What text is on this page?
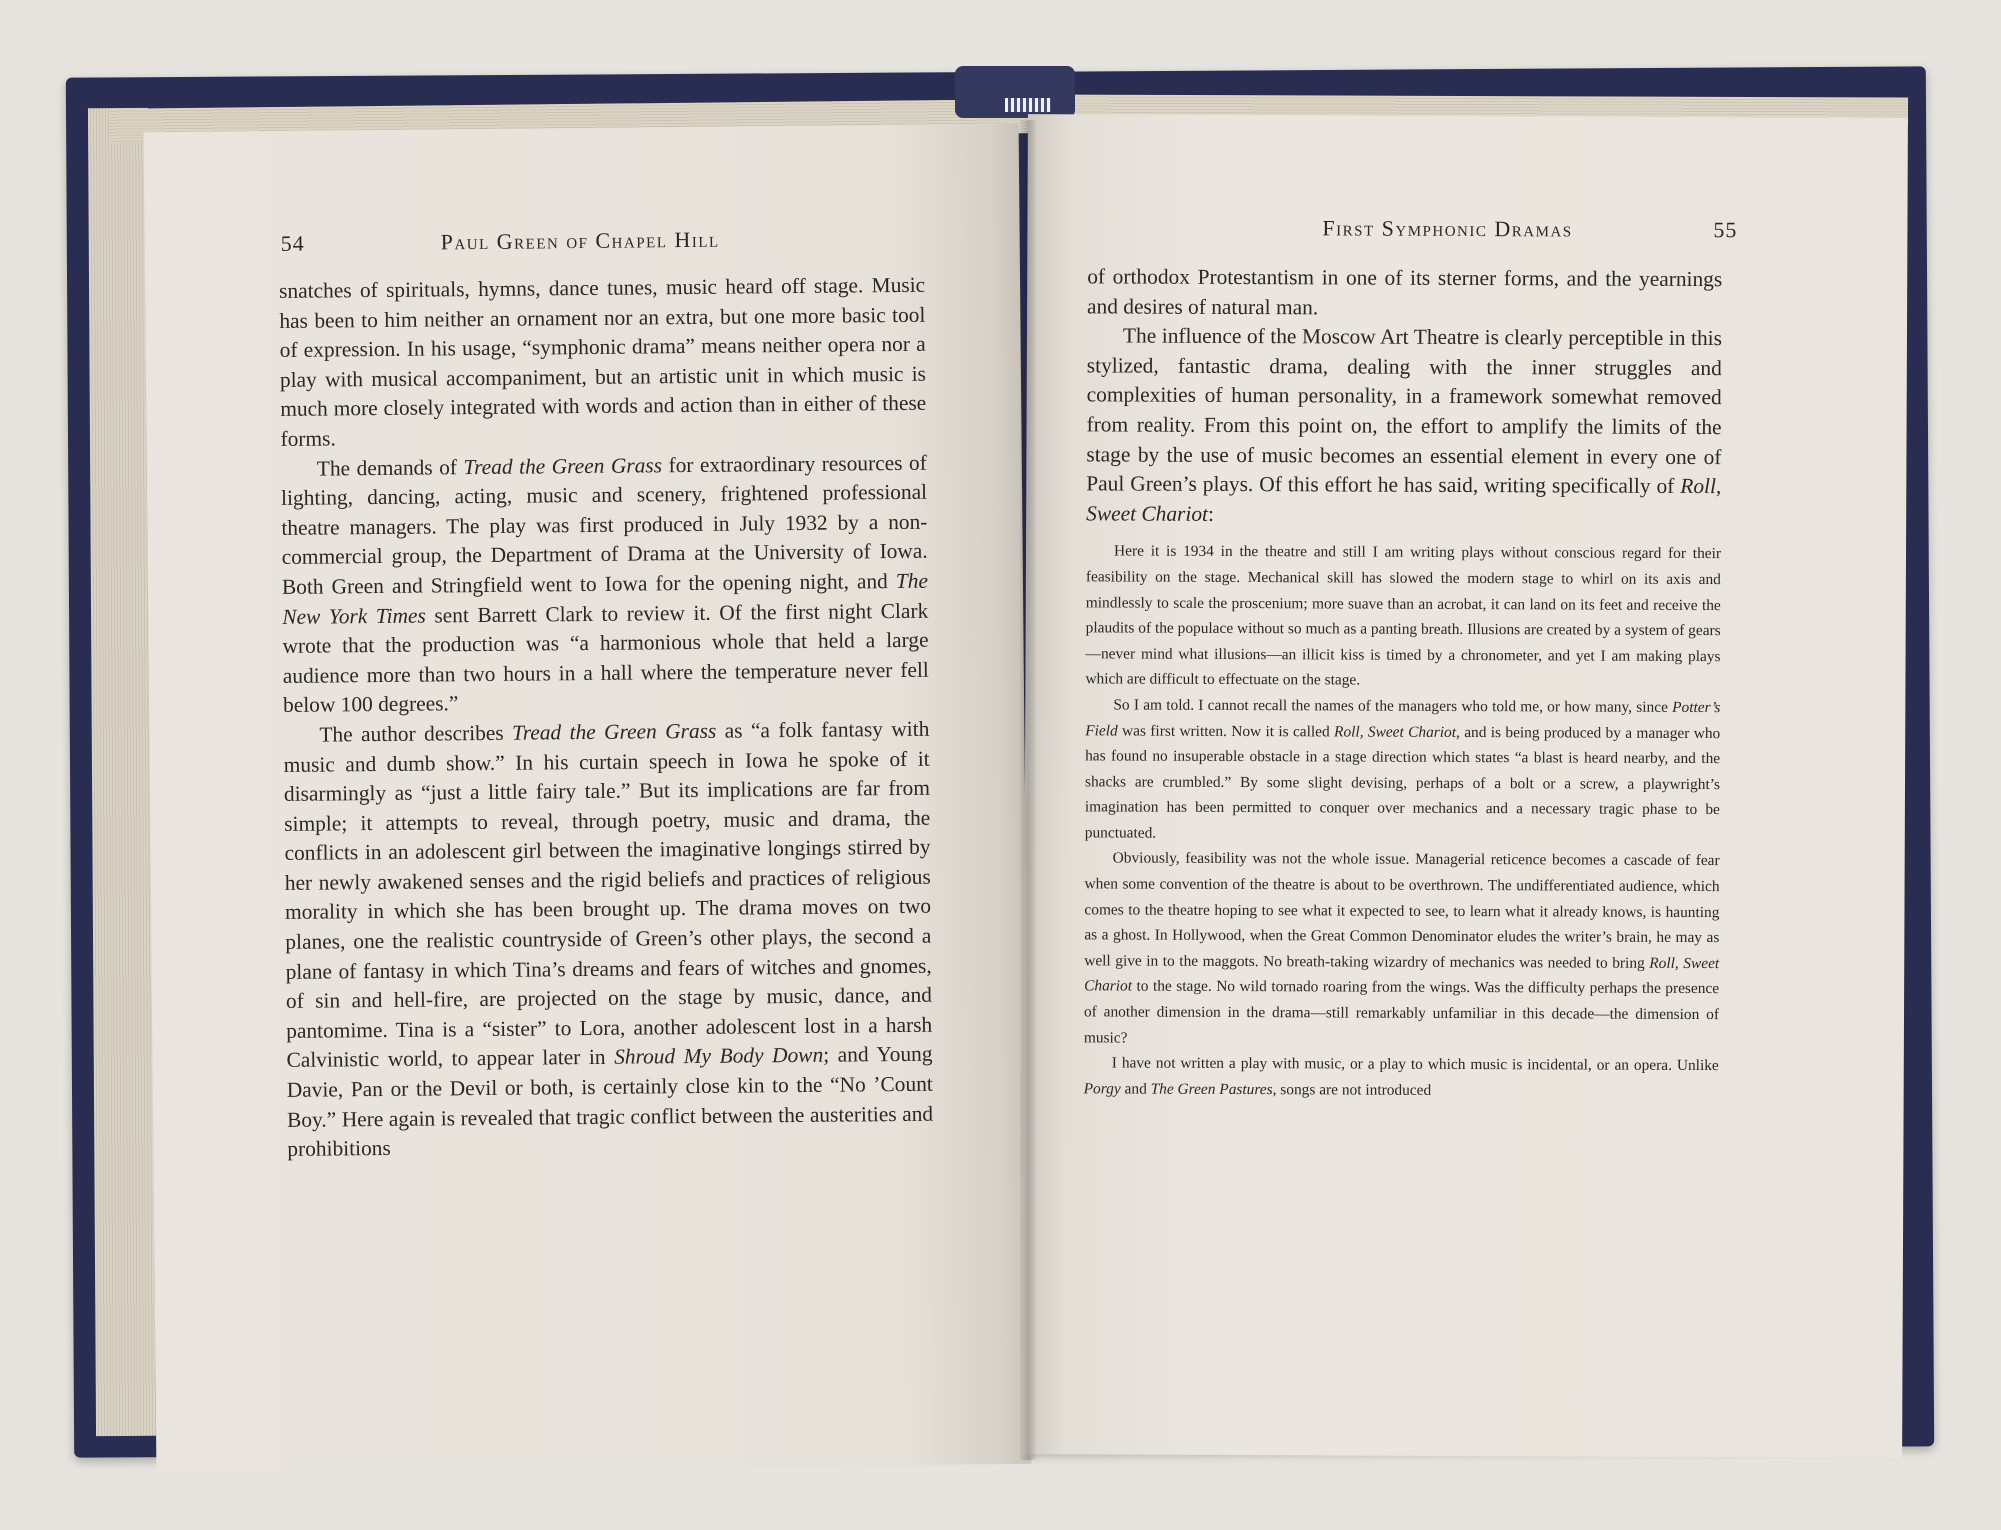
54	Paul Green of Chapel Hill

snatches of spirituals, hymns, dance tunes, music heard off stage. Music has been to him neither an ornament nor an extra, but one more basic tool of expression. In his usage, “symphonic drama” means neither opera nor a play with musical accompaniment, but an artistic unit in which music is much more closely integrated with words and action than in either of these forms.

The demands of Tread the Green Grass for extraordinary resources of lighting, dancing, acting, music and scenery, frightened professional theatre managers. The play was first produced in July 1932 by a non-commercial group, the Department of Drama at the University of Iowa. Both Green and Stringfield went to Iowa for the opening night, and The New York Times sent Barrett Clark to review it. Of the first night Clark wrote that the production was “a harmonious whole that held a large audience more than two hours in a hall where the temperature never fell below 100 degrees.”

The author describes Tread the Green Grass as “a folk fantasy with music and dumb show.” In his curtain speech in Iowa he spoke of it disarmingly as “just a little fairy tale.” But its implications are far from simple; it attempts to reveal, through poetry, music and drama, the conflicts in an adolescent girl between the imaginative longings stirred by her newly awakened senses and the rigid beliefs and practices of religious morality in which she has been brought up. The drama moves on two planes, one the realistic countryside of Green’s other plays, the second a plane of fantasy in which Tina’s dreams and fears of witches and gnomes, of sin and hell-fire, are projected on the stage by music, dance, and pantomime. Tina is a “sister” to Lora, another adolescent lost in a harsh Calvinistic world, to appear later in Shroud My Body Down; and Young Davie, Pan or the Devil or both, is certainly close kin to the “No ’Count Boy.” Here again is revealed that tragic conflict between the austerities and prohibitions

First Symphonic Dramas	55

of orthodox Protestantism in one of its sterner forms, and the yearnings and desires of natural man.

The influence of the Moscow Art Theatre is clearly perceptible in this stylized, fantastic drama, dealing with the inner struggles and complexities of human personality, in a framework somewhat removed from reality. From this point on, the effort to amplify the limits of the stage by the use of music becomes an essential element in every one of Paul Green’s plays. Of this effort he has said, writing specifically of Roll, Sweet Chariot:

Here it is 1934 in the theatre and still I am writing plays without conscious regard for their feasibility on the stage. Mechanical skill has slowed the modern stage to whirl on its axis and mindlessly to scale the proscenium; more suave than an acrobat, it can land on its feet and receive the plaudits of the populace without so much as a panting breath. Illusions are created by a system of gears—never mind what illusions—an illicit kiss is timed by a chronometer, and yet I am making plays which are difficult to effectuate on the stage.

So I am told. I cannot recall the names of the managers who told me, or how many, since Potter’s Field was first written. Now it is called Roll, Sweet Chariot, and is being produced by a manager who has found no insuperable obstacle in a stage direction which states “a blast is heard nearby, and the shacks are crumbled.” By some slight devising, perhaps of a bolt or a screw, a playwright’s imagination has been permitted to conquer over mechanics and a necessary tragic phase to be punctuated.

Obviously, feasibility was not the whole issue. Managerial reticence becomes a cascade of fear when some convention of the theatre is about to be overthrown. The undifferentiated audience, which comes to the theatre hoping to see what it expected to see, to learn what it already knows, is haunting as a ghost. In Hollywood, when the Great Common Denominator eludes the writer’s brain, he may as well give in to the maggots. No breath-taking wizardry of mechanics was needed to bring Roll, Sweet Chariot to the stage. No wild tornado roaring from the wings. Was the difficulty perhaps the presence of another dimension in the drama—still remarkably unfamiliar in this decade—the dimension of music?

I have not written a play with music, or a play to which music is incidental, or an opera. Unlike Porgy and The Green Pastures, songs are not introduced
